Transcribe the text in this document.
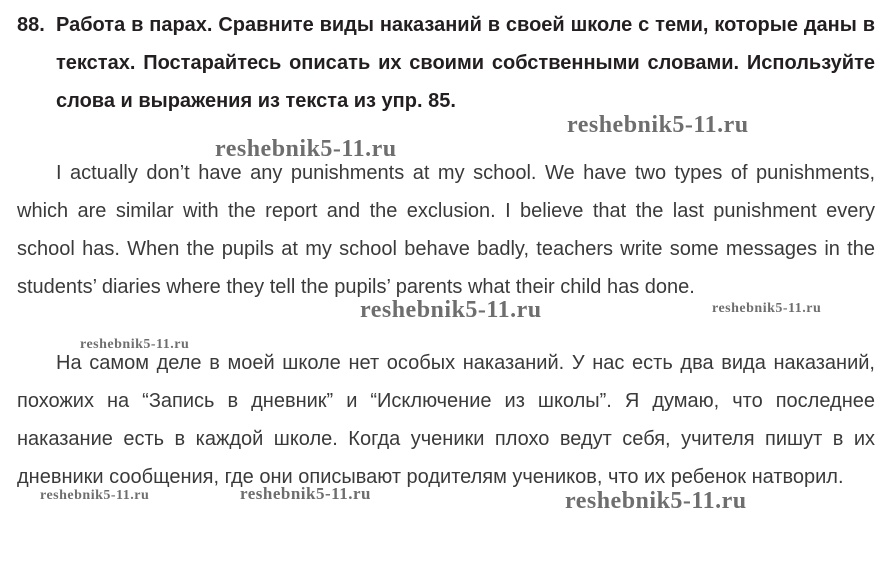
88. Работа в парах. Сравните виды наказаний в своей школе с теми, которые даны в текстах. Постарайтесь описать их своими собственными словами. Используйте слова и выражения из текста из упр. 85.
I actually don’t have any punishments at my school. We have two types of punishments, which are similar with the report and the exclusion. I believe that the last punishment every school has. When the pupils at my school behave badly, teachers write some messages in the students’ diaries where they tell the pupils’ parents what their child has done.
На самом деле в моей школе нет особых наказаний. У нас есть два вида наказаний, похожих на “Запись в дневник” и “Исключение из школы”. Я думаю, что последнее наказание есть в каждой школе. Когда ученики плохо ведут себя, учителя пишут в их дневники сообщения, где они описывают родителям учеников, что их ребенок натворил.
reshebnik5-11.ru
reshebnik5-11.ru
reshebnik5-11.ru	reshebnik5-11.ru
reshebnik5-11.ru
reshebnik5-11.ru	reshebnik5-11.ru	reshebnik5-11.ru
